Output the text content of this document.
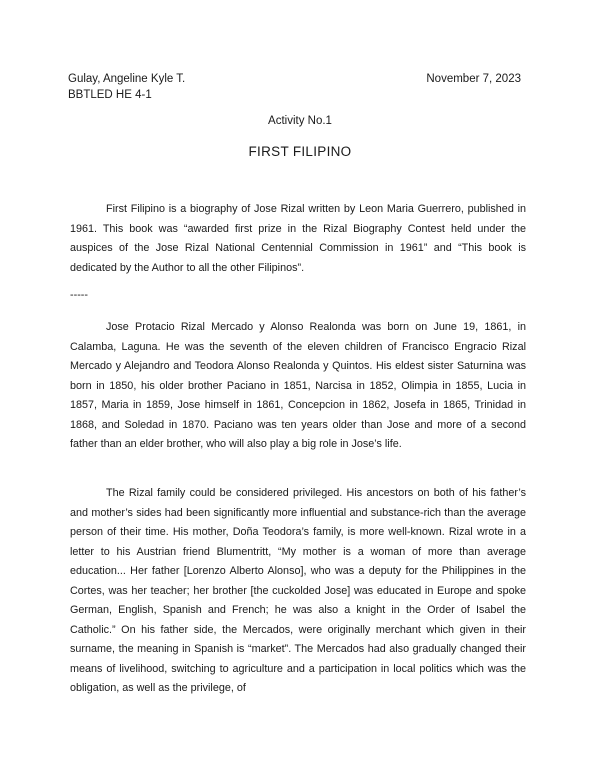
Gulay, Angeline Kyle T.	November 7, 2023
BBTLED HE 4-1
Activity No.1
FIRST FILIPINO

First Filipino is a biography of Jose Rizal written by Leon Maria Guerrero, published in 1961. This book was “awarded first prize in the Rizal Biography Contest held under the auspices of the Jose Rizal National Centennial Commission in 1961” and “This book is dedicated by the Author to all the other Filipinos”.

-----

Jose Protacio Rizal Mercado y Alonso Realonda was born on June 19, 1861, in Calamba, Laguna. He was the seventh of the eleven children of Francisco Engracio Rizal Mercado y Alejandro and Teodora Alonso Realonda y Quintos. His eldest sister Saturnina was born in 1850, his older brother Paciano in 1851, Narcisa in 1852, Olimpia in 1855, Lucia in 1857, Maria in 1859, Jose himself in 1861, Concepcion in 1862, Josefa in 1865, Trinidad in 1868, and Soledad in 1870. Paciano was ten years older than Jose and more of a second father than an elder brother, who will also play a big role in Jose’s life.

The Rizal family could be considered privileged. His ancestors on both of his father’s and mother’s sides had been significantly more influential and substance-rich than the average person of their time. His mother, Doña Teodora’s family, is more well-known. Rizal wrote in a letter to his Austrian friend Blumentritt, “My mother is a woman of more than average education... Her father [Lorenzo Alberto Alonso], who was a deputy for the Philippines in the Cortes, was her teacher; her brother [the cuckolded Jose] was educated in Europe and spoke German, English, Spanish and French; he was also a knight in the Order of Isabel the Catholic.” On his father side, the Mercados, were originally merchant which given in their surname, the meaning in Spanish is “market”. The Mercados had also gradually changed their means of livelihood, switching to agriculture and a participation in local politics which was the obligation, as well as the privilege, of
